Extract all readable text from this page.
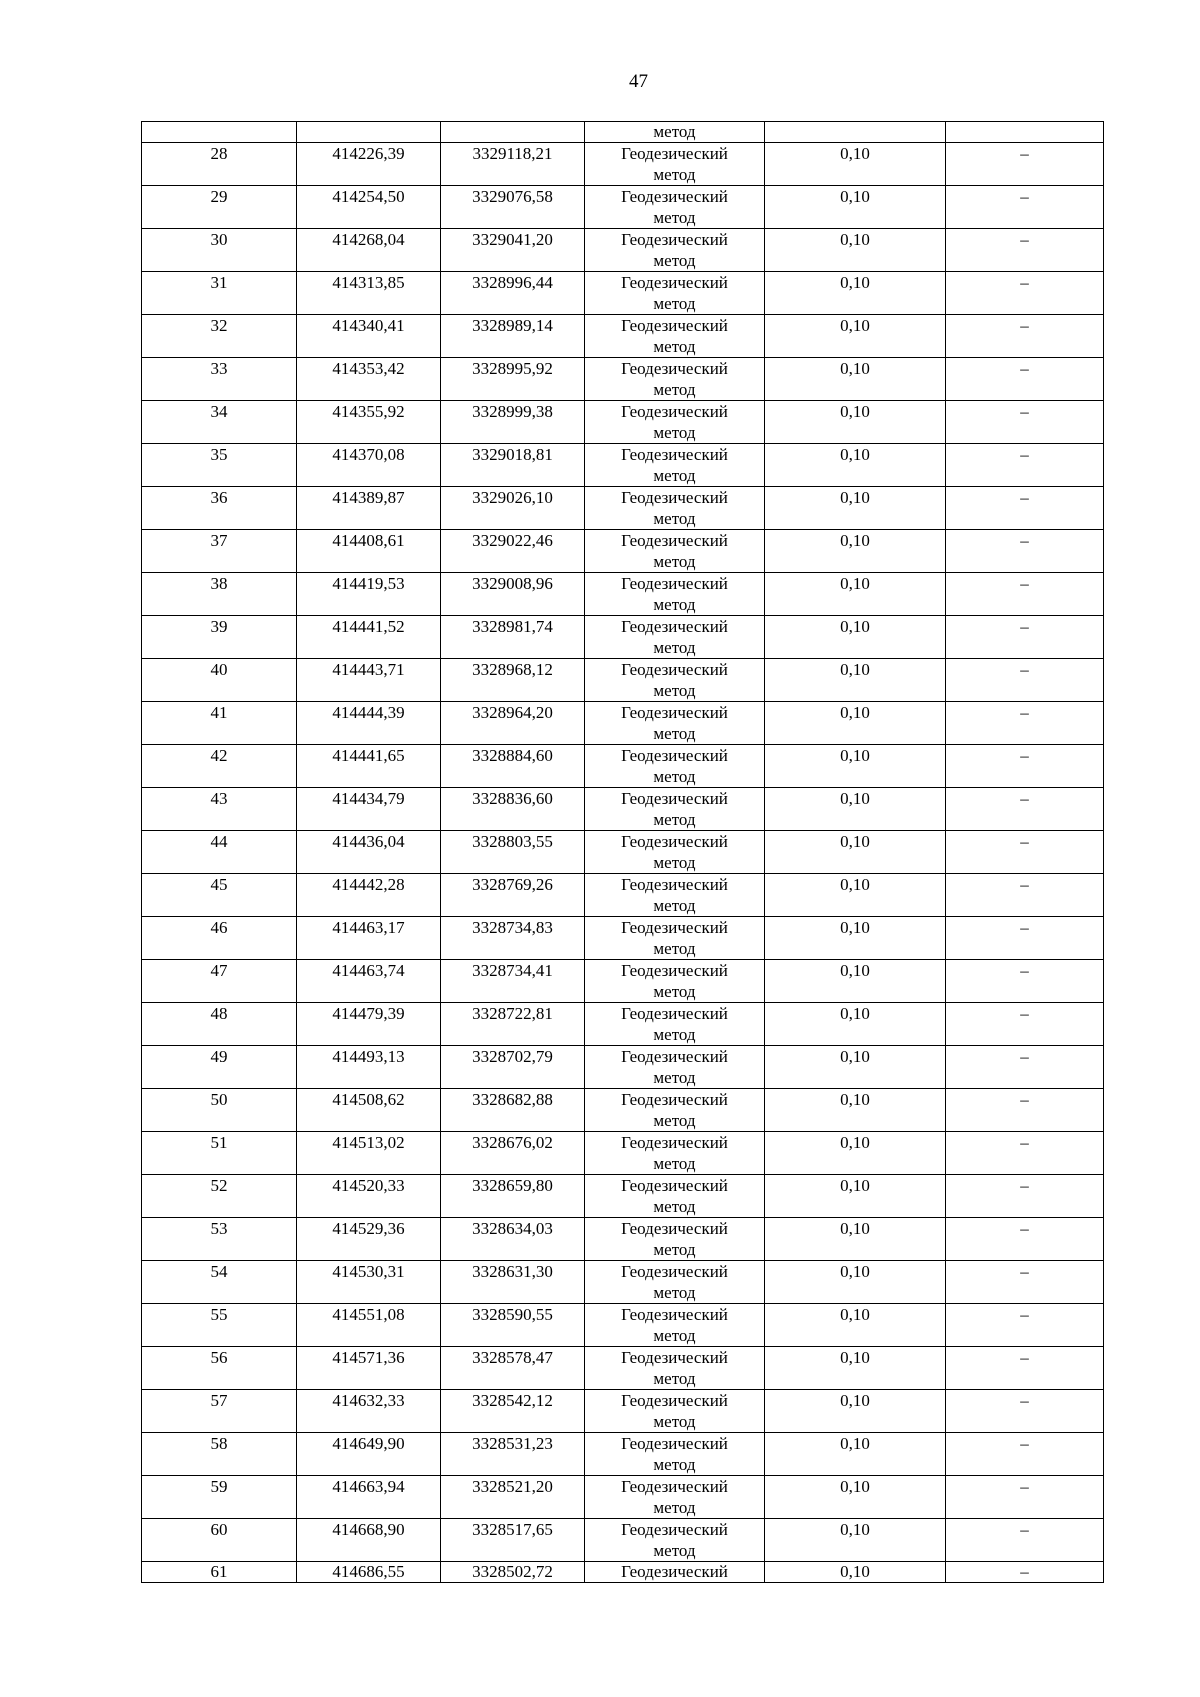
47
			метод		
28	414226,39	3329118,21	Геодезический
метод	0,10	–
29	414254,50	3329076,58	Геодезический
метод	0,10	–
30	414268,04	3329041,20	Геодезический
метод	0,10	–
31	414313,85	3328996,44	Геодезический
метод	0,10	–
32	414340,41	3328989,14	Геодезический
метод	0,10	–
33	414353,42	3328995,92	Геодезический
метод	0,10	–
34	414355,92	3328999,38	Геодезический
метод	0,10	–
35	414370,08	3329018,81	Геодезический
метод	0,10	–
36	414389,87	3329026,10	Геодезический
метод	0,10	–
37	414408,61	3329022,46	Геодезический
метод	0,10	–
38	414419,53	3329008,96	Геодезический
метод	0,10	–
39	414441,52	3328981,74	Геодезический
метод	0,10	–
40	414443,71	3328968,12	Геодезический
метод	0,10	–
41	414444,39	3328964,20	Геодезический
метод	0,10	–
42	414441,65	3328884,60	Геодезический
метод	0,10	–
43	414434,79	3328836,60	Геодезический
метод	0,10	–
44	414436,04	3328803,55	Геодезический
метод	0,10	–
45	414442,28	3328769,26	Геодезический
метод	0,10	–
46	414463,17	3328734,83	Геодезический
метод	0,10	–
47	414463,74	3328734,41	Геодезический
метод	0,10	–
48	414479,39	3328722,81	Геодезический
метод	0,10	–
49	414493,13	3328702,79	Геодезический
метод	0,10	–
50	414508,62	3328682,88	Геодезический
метод	0,10	–
51	414513,02	3328676,02	Геодезический
метод	0,10	–
52	414520,33	3328659,80	Геодезический
метод	0,10	–
53	414529,36	3328634,03	Геодезический
метод	0,10	–
54	414530,31	3328631,30	Геодезический
метод	0,10	–
55	414551,08	3328590,55	Геодезический
метод	0,10	–
56	414571,36	3328578,47	Геодезический
метод	0,10	–
57	414632,33	3328542,12	Геодезический
метод	0,10	–
58	414649,90	3328531,23	Геодезический
метод	0,10	–
59	414663,94	3328521,20	Геодезический
метод	0,10	–
60	414668,90	3328517,65	Геодезический
метод	0,10	–
61	414686,55	3328502,72	Геодезический	0,10	–
